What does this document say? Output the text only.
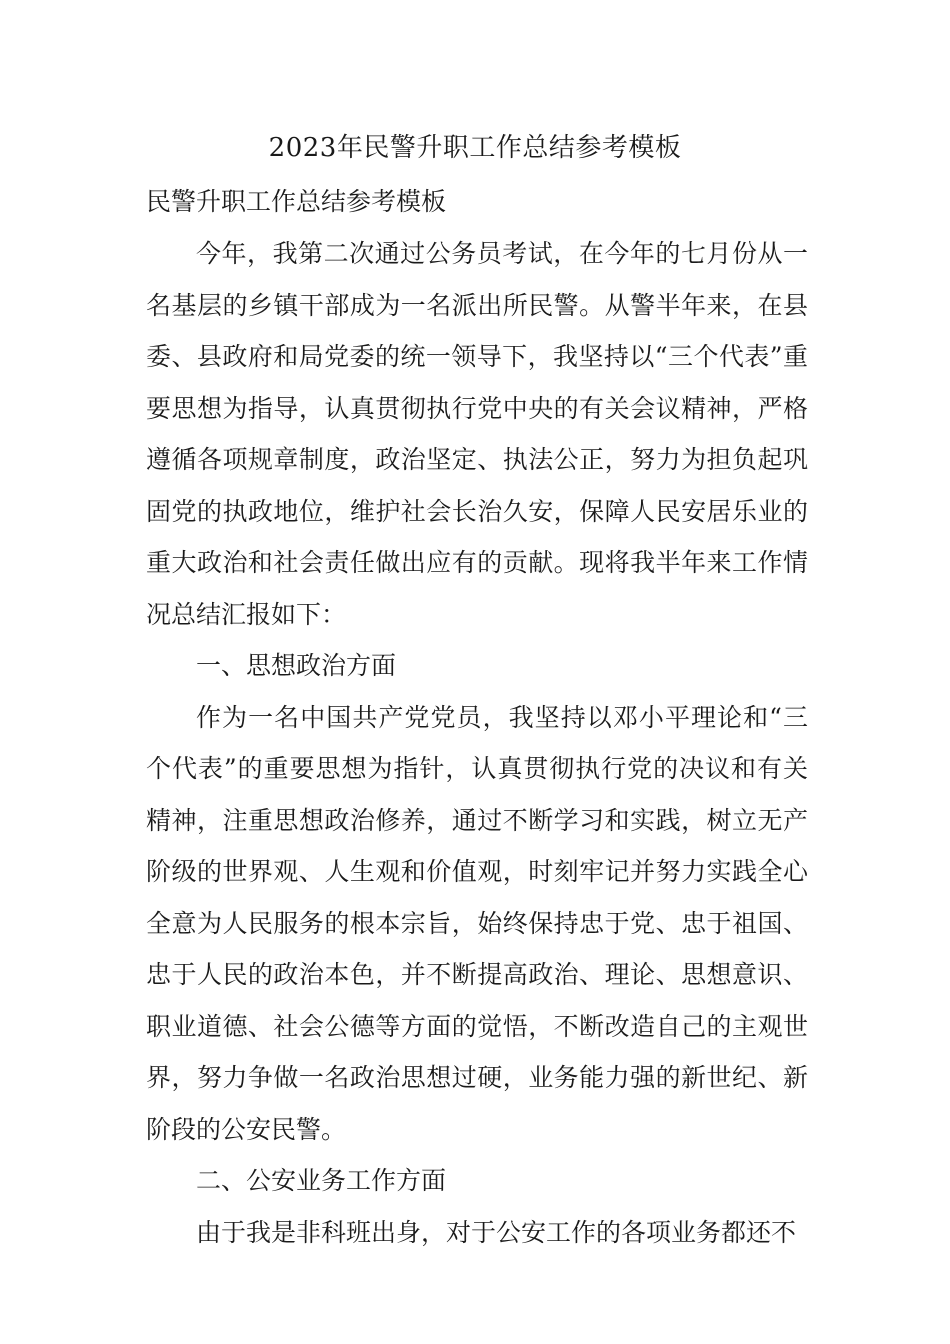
2023年民警升职工作总结参考模板
民警升职工作总结参考模板

今年，我第二次通过公务员考试，在今年的七月份从一名基层的乡镇干部成为一名派出所民警。从警半年来，在县委、县政府和局党委的统一领导下，我坚持以“三个代表”重要思想为指导，认真贯彻执行党中央的有关会议精神，严格遵循各项规章制度，政治坚定、执法公正，努力为担负起巩固党的执政地位，维护社会长治久安，保障人民安居乐业的重大政治和社会责任做出应有的贡献。现将我半年来工作情况总结汇报如下：

一、思想政治方面

作为一名中国共产党党员，我坚持以邓小平理论和“三个代表”的重要思想为指针，认真贯彻执行党的决议和有关精神，注重思想政治修养，通过不断学习和实践，树立无产阶级的世界观、人生观和价值观，时刻牢记并努力实践全心全意为人民服务的根本宗旨，始终保持忠于党、忠于祖国、忠于人民的政治本色，并不断提高政治、理论、思想意识、职业道德、社会公德等方面的觉悟，不断改造自己的主观世界，努力争做一名政治思想过硬，业务能力强的新世纪、新阶段的公安民警。

二、公安业务工作方面

由于我是非科班出身，对于公安工作的各项业务都还不
